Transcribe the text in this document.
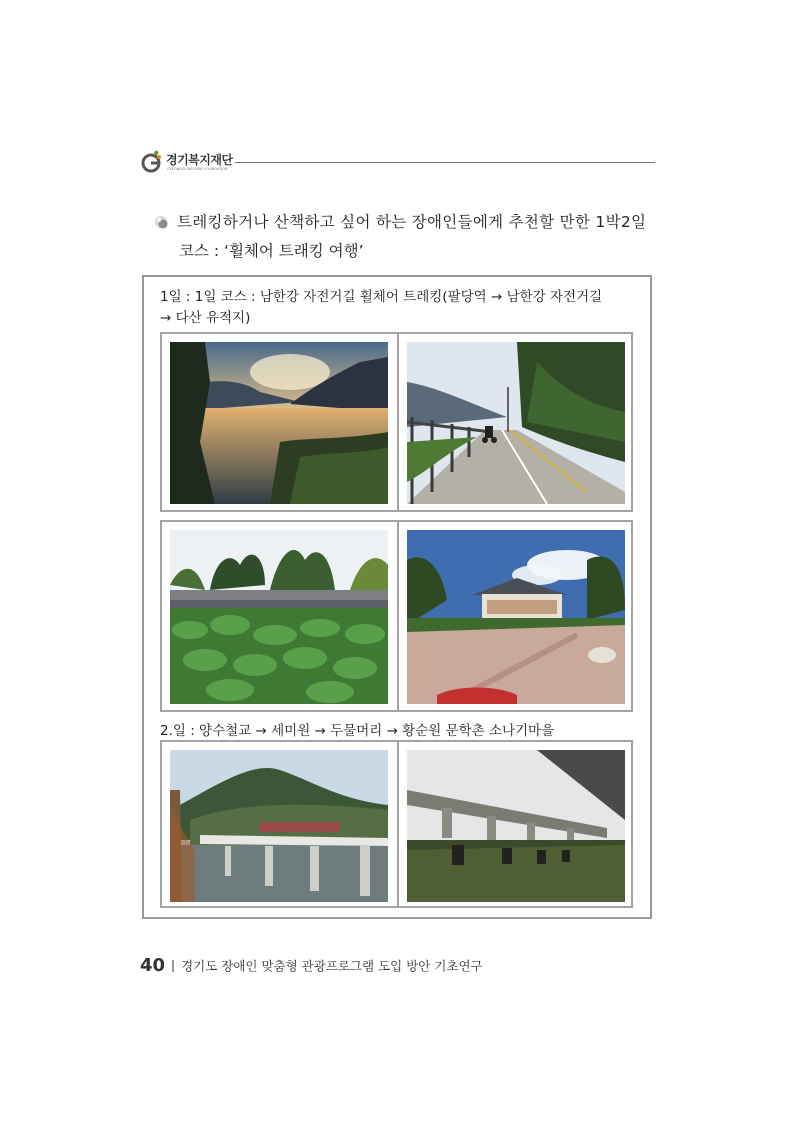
경기복지재단
GYEONGGI WELFARE FOUNDATION
트레킹하거나 산책하고 싶어 하는 장애인들에게 추천할 만한 1박2일
코스 : ‘휠체어 트래킹 여행’
1일 : 1일 코스 : 남한강 자전거길 휠체어 트레킹(팔당역 → 남한강 자전거길
→ 다산 유적지)
2.일 : 양수철교 → 세미원 → 두물머리 → 황순원 문학촌 소나기마을
40 경기도 장애인 맞춤형 관광프로그램 도입 방안 기초연구
